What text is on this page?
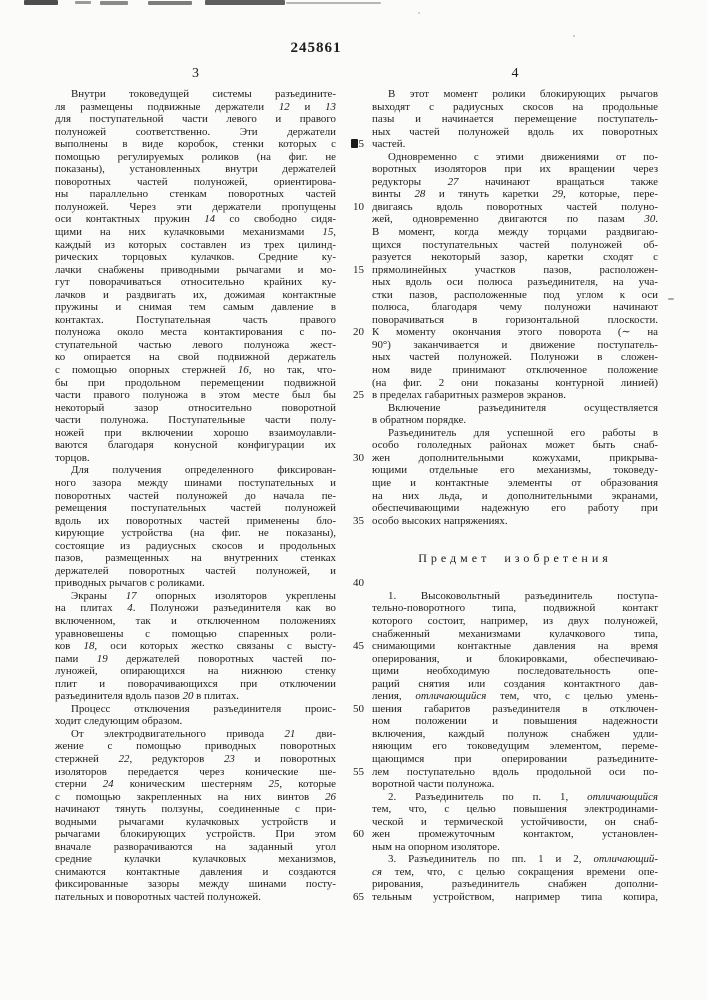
245861
3	4
Внутри токоведущей системы разъедините-
ля размещены подвижные держатели 12 и 13
для поступательной части левого и правого
полуножей соответственно. Эти держатели
выполнены в виде коробок, стенки которых с
помощью регулируемых роликов (на фиг. не
показаны), установленных внутри держателей
поворотных частей полуножей, ориентирова-
ны параллельно стенкам поворотных частей
полуножей. Через эти держатели пропущены
оси контактных пружин 14 со свободно сидя-
щими на них кулачковыми механизмами 15,
каждый из которых составлен из трех цилинд-
рических торцовых кулачков. Средние ку-
лачки снабжены приводными рычагами и мо-
гут поворачиваться относительно крайних ку-
лачков и раздвигать их, дожимая контактные
пружины и снимая тем самым давление в
контактах. Поступательная часть правого
полуножа около места контактирования с по-
ступательной частью левого полуножа жест-
ко опирается на свой подвижной держатель
с помощью опорных стержней 16, но так, что-
бы при продольном перемещении подвижной
части правого полуножа в этом месте был бы
некоторый зазор относительно поворотной
части полуножа. Поступательные части полу-
ножей при включении хорошо взаимоулавли-
ваются благодаря конусной конфигурации их
торцов.
Для получения определенного фиксирован-
ного зазора между шинами поступательных и
поворотных частей полуножей до начала пе-
ремещения поступательных частей полуножей
вдоль их поворотных частей применены бло-
кирующие устройства (на фиг. не показаны),
состоящие из радиусных скосов и продольных
пазов, размещенных на внутренних стенках
держателей поворотных частей полуножей, и
приводных рычагов с роликами.
Экраны 17 опорных изоляторов укреплены
на плитах 4. Полуножи разъединителя как во
включенном, так и отключенном положениях
уравновешены с помощью спаренных роли-
ков 18, оси которых жестко связаны с высту-
пами 19 держателей поворотных частей по-
луножей, опирающихся на нижнюю стенку
плит и поворачивающихся при отключении
разъединителя вдоль пазов 20 в плитах.
Процесс отключения разъединителя проис-
ходит следующим образом.
От электродвигательного привода 21 дви-
жение с помощью приводных поворотных
стержней 22, редукторов 23 и поворотных
изоляторов передается через конические ше-
стерни 24 коническим шестерням 25, которые
с помощью закрепленных на них винтов 26
начинают тянуть ползуны, соединенные с при-
водными рычагами кулачковых устройств и
рычагами блокирующих устройств. При этом
вначале разворачиваются на заданный угол
средние кулачки кулачковых механизмов,
снимаются контактные давления и создаются
фиксированные зазоры между шинами посту-
пательных и поворотных частей полуножей.
5
10
15
20
25
30
35
40
45
50
55
60
65
В этот момент ролики блокирующих рычагов
выходят с радиусных скосов на продольные
пазы и начинается перемещение поступатель-
ных частей полуножей вдоль их поворотных
частей.
Одновременно с этими движениями от по-
воротных изоляторов при их вращении через
редукторы 27 начинают вращаться также
винты 28 и тянуть каретки 29, которые, пере-
двигаясь вдоль поворотных частей полуно-
жей, одновременно двигаются по пазам 30.
В момент, когда между торцами раздвигаю-
щихся поступательных частей полуножей об-
разуется некоторый зазор, каретки сходят с
прямолинейных участков пазов, расположен-
ных вдоль оси полюса разъединителя, на уча-
стки пазов, расположенные под углом к оси
полюса, благодаря чему полуножи начинают
поворачиваться в горизонтальной плоскости.
К моменту окончания этого поворота (∼ на
90°) заканчивается и движение поступатель-
ных частей полуножей. Полуножи в сложен-
ном виде принимают отключенное положение
(на фиг. 2 они показаны контурной линией)
в пределах габаритных размеров экранов.
Включение разъединителя осуществляется
в обратном порядке.
Разъединитель для успешной его работы в
особо гололедных районах может быть снаб-
жен дополнительными кожухами, прикрыва-
ющими отдельные его механизмы, токоведу-
щие и контактные элементы от образования
на них льда, и дополнительными экранами,
обеспечивающими надежную его работу при
особо высоких напряжениях.
Предмет изобретения
1. Высоковольтный разъединитель поступа-
тельно-поворотного типа, подвижной контакт
которого состоит, например, из двух полуножей,
снабженный механизмами кулачкового типа,
снимающими контактные давления на время
оперирования, и блокировками, обеспечиваю-
щими необходимую последовательность опе-
раций снятия или создания контактного дав-
ления, отличающийся тем, что, с целью умень-
шения габаритов разъединителя в отключен-
ном положении и повышения надежности
включения, каждый полунож снабжен удли-
няющим его токоведущим элементом, переме-
щающимся при оперировании разъедините-
лем поступательно вдоль продольной оси по-
воротной части полуножа.
2. Разъединитель по п. 1, отличающийся
тем, что, с целью повышения электродинами-
ческой и термической устойчивости, он снаб-
жен промежуточным контактом, установлен-
ным на опорном изоляторе.
3. Разъединитель по пп. 1 и 2, отличающий-
ся тем, что, с целью сокращения времени опе-
рирования, разъединитель снабжен дополни-
тельным устройством, например типа копира,
